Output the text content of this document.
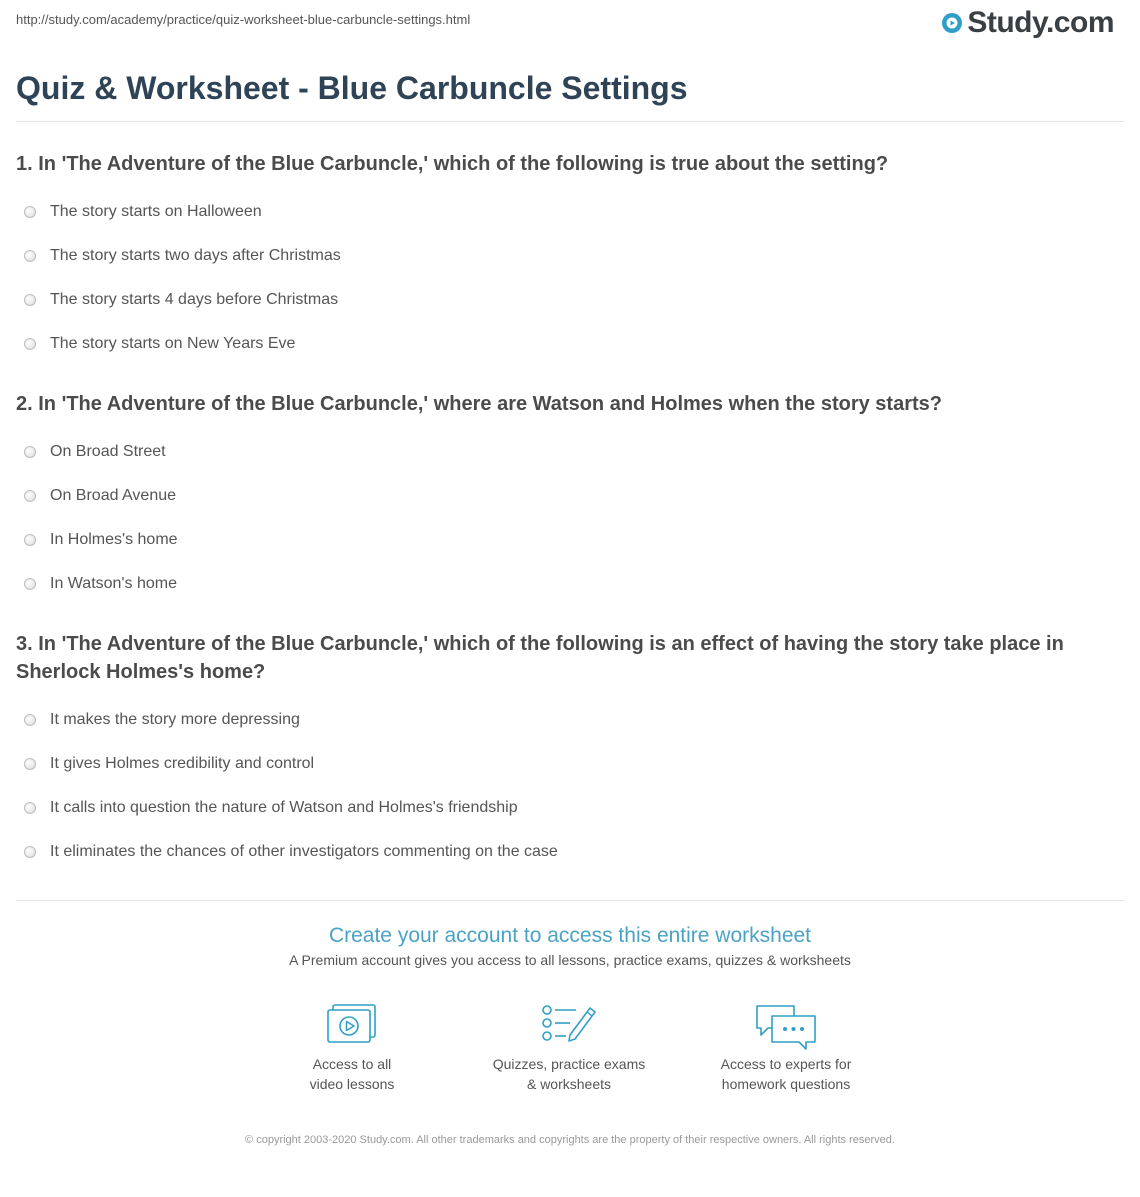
http://study.com/academy/practice/quiz-worksheet-blue-carbuncle-settings.html	Study.com
Quiz & Worksheet - Blue Carbuncle Settings

1. In 'The Adventure of the Blue Carbuncle,' which of the following is true about the setting?

The story starts on Halloween
The story starts two days after Christmas
The story starts 4 days before Christmas
The story starts on New Years Eve

2. In 'The Adventure of the Blue Carbuncle,' where are Watson and Holmes when the story starts?

On Broad Street
On Broad Avenue
In Holmes's home
In Watson's home

3. In 'The Adventure of the Blue Carbuncle,' which of the following is an effect of having the story take place in Sherlock Holmes's home?

It makes the story more depressing
It gives Holmes credibility and control
It calls into question the nature of Watson and Holmes's friendship
It eliminates the chances of other investigators commenting on the case

Create your account to access this entire worksheet

A Premium account gives you access to all lessons, practice exams, quizzes & worksheets

Access to all
video lessons
Quizzes, practice exams
& worksheets
Access to experts for
homework questions
© copyright 2003-2020 Study.com. All other trademarks and copyrights are the property of their respective owners. All rights reserved.
